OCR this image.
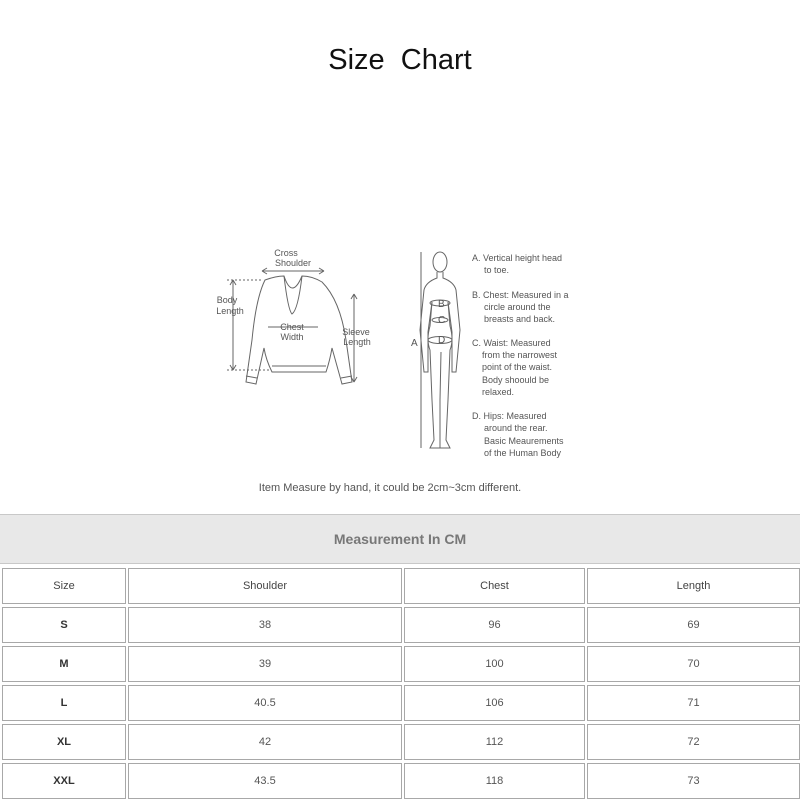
Size  Chart
Cross
Shoulder
Body
Length
Chest
Width	Sleeve
Length
B
C
D
A
A. Vertical height head
to toe.
B. Chest: Measured in a
circle around the
breasts and back.
C. Waist: Measured
from the narrowest
point of the waist.
Body shoould be
relaxed.
D. Hips: Measured
around the rear.
Basic Meaurements
of the Human Body
Item Measure by hand, it could be 2cm~3cm different.
Measurement In CM
Size	Shoulder	Chest	Length
S	38	96	69
M	39	100	70
L	40.5	106	71
XL	42	112	72
XXL	43.5	118	73
